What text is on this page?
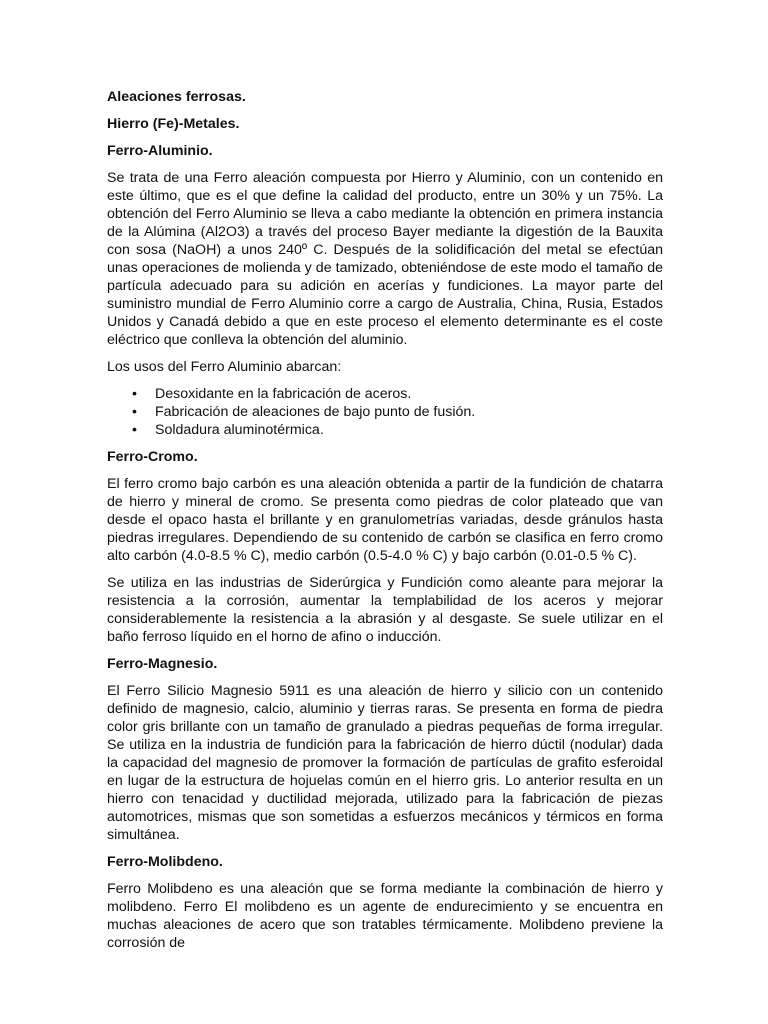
Aleaciones ferrosas.
Hierro (Fe)-Metales.
Ferro-Aluminio.

Se trata de una Ferro aleación compuesta por Hierro y Aluminio, con un contenido en este último, que es el que define la calidad del producto, entre un 30% y un 75%. La obtención del Ferro Aluminio se lleva a cabo mediante la obtención en primera instancia de la Alúmina (Al2O3) a través del proceso Bayer mediante la digestión de la Bauxita con sosa (NaOH) a unos 240º C. Después de la solidificación del metal se efectúan unas operaciones de molienda y de tamizado, obteniéndose de este modo el tamaño de partícula adecuado para su adición en acerías y fundiciones. La mayor parte del suministro mundial de Ferro Aluminio corre a cargo de Australia, China, Rusia, Estados Unidos y Canadá debido a que en este proceso el elemento determinante es el coste eléctrico que conlleva la obtención del aluminio.

Los usos del Ferro Aluminio abarcan:

• Desoxidante en la fabricación de aceros.
• Fabricación de aleaciones de bajo punto de fusión.
• Soldadura aluminotérmica.
Ferro-Cromo.

El ferro cromo bajo carbón es una aleación obtenida a partir de la fundición de chatarra de hierro y mineral de cromo. Se presenta como piedras de color plateado que van desde el opaco hasta el brillante y en granulometrías variadas, desde gránulos hasta piedras irregulares. Dependiendo de su contenido de carbón se clasifica en ferro cromo alto carbón (4.0-8.5 % C), medio carbón (0.5-4.0 % C) y bajo carbón (0.01-0.5 % C).

Se utiliza en las industrias de Siderúrgica y Fundición como aleante para mejorar la resistencia a la corrosión, aumentar la templabilidad de los aceros y mejorar considerablemente la resistencia a la abrasión y al desgaste. Se suele utilizar en el baño ferroso líquido en el horno de afino o inducción.

Ferro-Magnesio.

El Ferro Silicio Magnesio 5911 es una aleación de hierro y silicio con un contenido definido de magnesio, calcio, aluminio y tierras raras. Se presenta en forma de piedra color gris brillante con un tamaño de granulado a piedras pequeñas de forma irregular. Se utiliza en la industria de fundición para la fabricación de hierro dúctil (nodular) dada la capacidad del magnesio de promover la formación de partículas de grafito esferoidal en lugar de la estructura de hojuelas común en el hierro gris. Lo anterior resulta en un hierro con tenacidad y ductilidad mejorada, utilizado para la fabricación de piezas automotrices, mismas que son sometidas a esfuerzos mecánicos y térmicos en forma simultánea.

Ferro-Molibdeno.

Ferro Molibdeno es una aleación que se forma mediante la combinación de hierro y molibdeno. Ferro El molibdeno es un agente de endurecimiento y se encuentra en muchas aleaciones de acero que son tratables térmicamente. Molibdeno previene la corrosión de
